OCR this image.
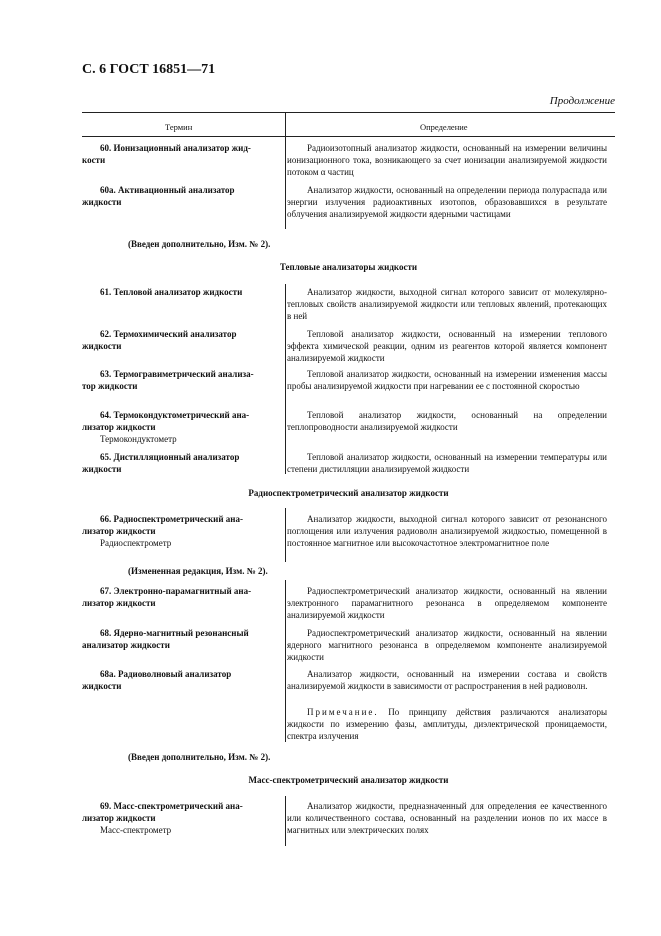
С. 6 ГОСТ 16851—71
Продолжение
Термин	Определение
60. Ионизационный анализатор жид-
кости
Радиоизотопный анализатор жидкости, основанный на измерении величины ионизационного тока, возникающего за счет ионизации анализируемой жидкости потоком α частиц
60а. Активационный анализатор
жидкости
Анализатор жидкости, основанный на определении периода полураспада или энергии излучения радиоактивных изотопов, образовавшихся в результате облучения анализируемой жидкости ядерными частицами
(Введен дополнительно, Изм. № 2).
Тепловые анализаторы жидкости
61. Тепловой анализатор жидкости	Анализатор жидкости, выходной сигнал которого зависит от молекулярно-тепловых свойств анализируемой жидкости или тепловых явлений, протекающих в ней
62. Термохимический анализатор
жидкости
Тепловой анализатор жидкости, основанный на измерении теплового эффекта химической реакции, одним из реагентов которой является компонент анализируемой жидкости
63. Термогравиметрический анализа-
тор жидкости
Тепловой анализатор жидкости, основанный на измерении изменения массы пробы анализируемой жидкости при нагревании ее с постоянной скоростью
64. Термокондуктометрический ана-
лизатор жидкости
Термокондуктометр
Тепловой анализатор жидкости, основанный на определении теплопроводности анализируемой жидкости
65. Дистилляционный анализатор
жидкости
Тепловой анализатор жидкости, основанный на измерении температуры или степени дистилляции анализируемой жидкости
Радиоспектрометрический анализатор жидкости
66. Радиоспектрометрический ана-
лизатор жидкости
Радиоспектрометр
Анализатор жидкости, выходной сигнал которого зависит от резонансного поглощения или излучения радиоволн анализируемой жидкостью, помещенной в постоянное магнитное или высокочастотное электромагнитное поле
(Измененная редакция, Изм. № 2).
67. Электронно-парамагнитный ана-
лизатор жидкости
Радиоспектрометрический анализатор жидкости, основанный на явлении электронного парамагнитного резонанса в определяемом компоненте анализируемой жидкости
68. Ядерно-магнитный резонансный
анализатор жидкости
Радиоспектрометрический анализатор жидкости, основанный на явлении ядерного магнитного резонанса в определяемом компоненте анализируемой жидкости
68а. Радиоволновый анализатор
жидкости
Анализатор жидкости, основанный на измерении состава и свойств анализируемой жидкости в зависимости от распространения в ней радиоволн.
Примечание. По принципу действия различаются анализаторы жидкости по измерению фазы, амплитуды, диэлектрической проницаемости, спектра излучения
(Введен дополнительно, Изм. № 2).
Масс-спектрометрический анализатор жидкости
69. Масс-спектрометрический ана-
лизатор жидкости
Масс-спектрометр
Анализатор жидкости, предназначенный для определения ее качественного или количественного состава, основанный на разделении ионов по их массе в магнитных или электрических полях
